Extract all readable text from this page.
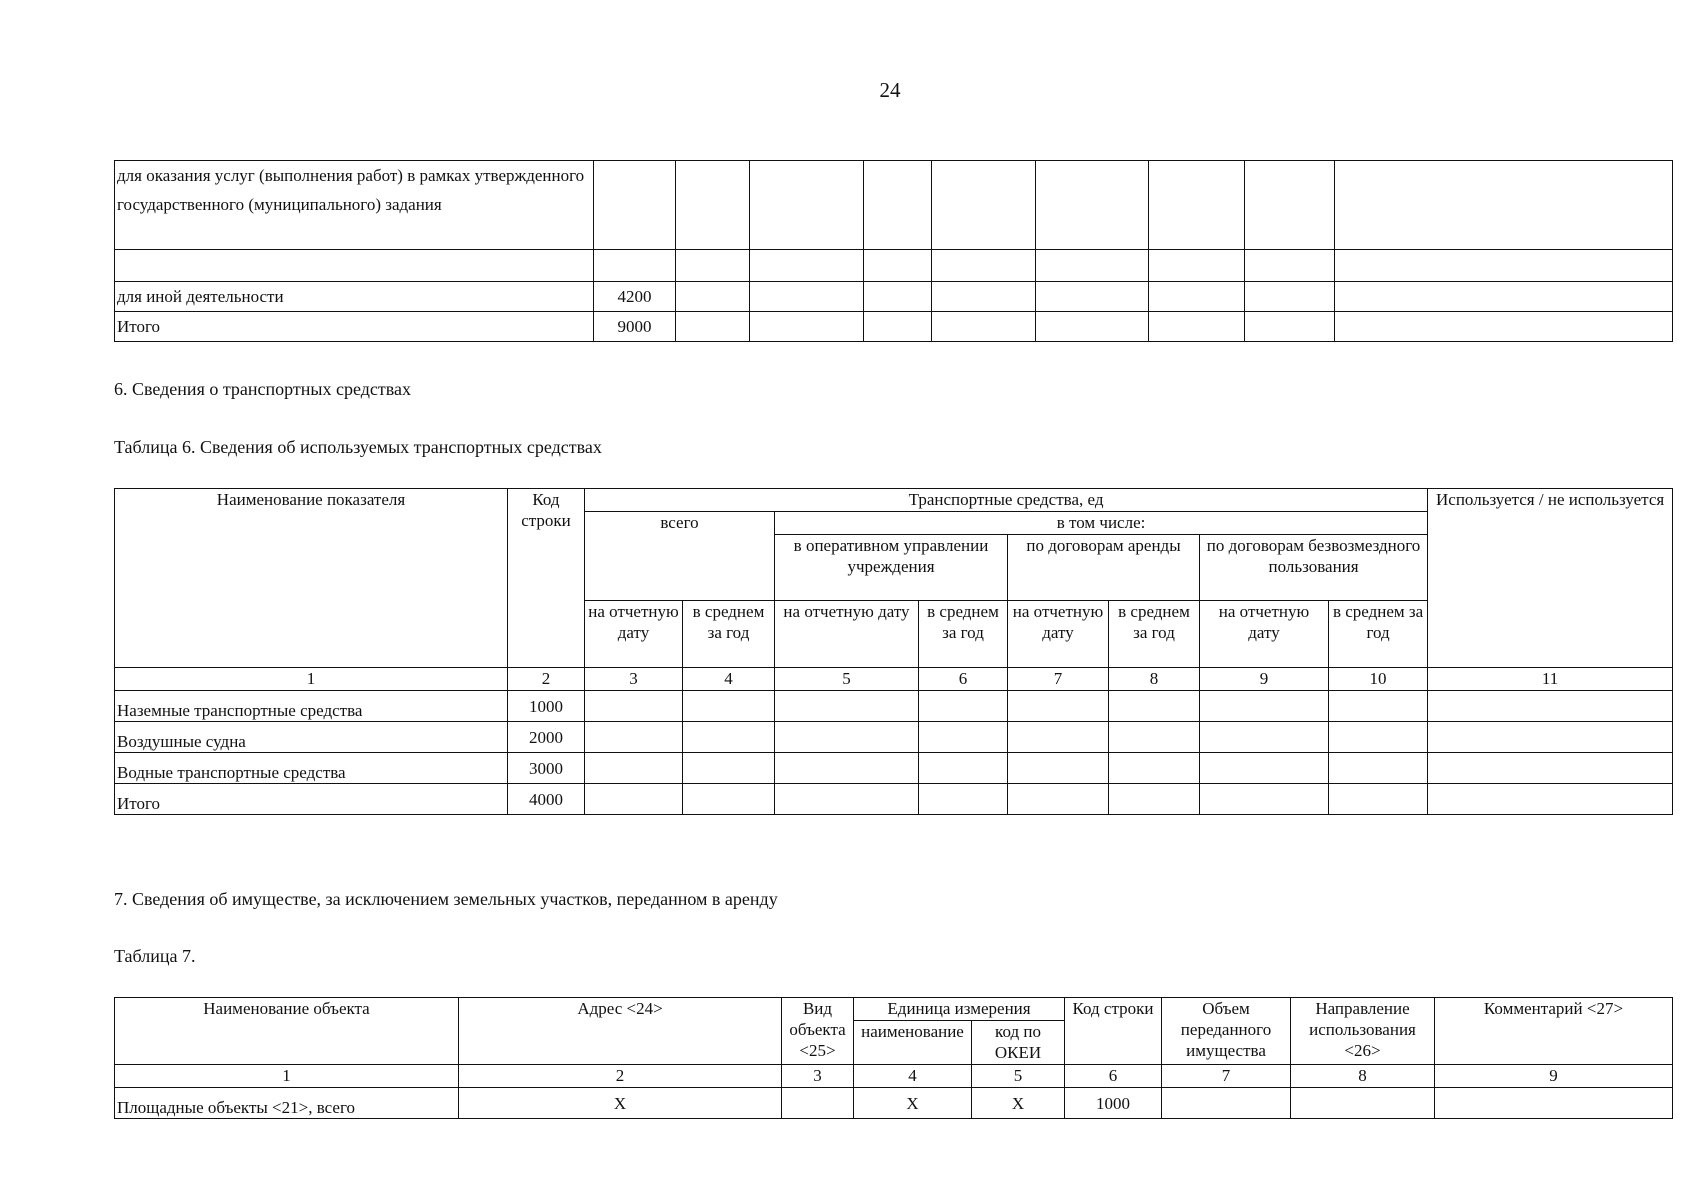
24
для оказания услуг (выполнения работ) в рамках утвержденного государственного (муниципального) задания									

для иной деятельности	4200								
Итого	9000								
6. Сведения о транспортных средствах
Таблица 6. Сведения об используемых транспортных средствах
Наименование показателя	Код строки	Транспортные средства, ед								Используется / не используется
		всего		в том числе:						
				в оперативном управлении учреждения		по договорам аренды		по договорам безвозмездного пользования		
		на отчетную дату	в среднем за год	на отчетную дату	в среднем за год	на отчетную дату	в среднем за год	на отчетную дату	в среднем за год	
1	2	3	4	5	6	7	8	9	10	11
Наземные транспортные средства	1000									
Воздушные судна	2000									
Водные транспортные средства	3000									
Итого	4000									
7. Сведения об имуществе, за исключением земельных участков, переданном в аренду
Таблица 7.
Наименование объекта	Адрес <24>	Вид объекта <25>	Единица измерения		Код строки	Объем переданного имущества	Направление использования <26>	Комментарий <27>
			наименование	код по ОКЕИ				
1	2	3	4	5	6	7	8	9
Площадные объекты <21>, всего	X		X	X	1000			
